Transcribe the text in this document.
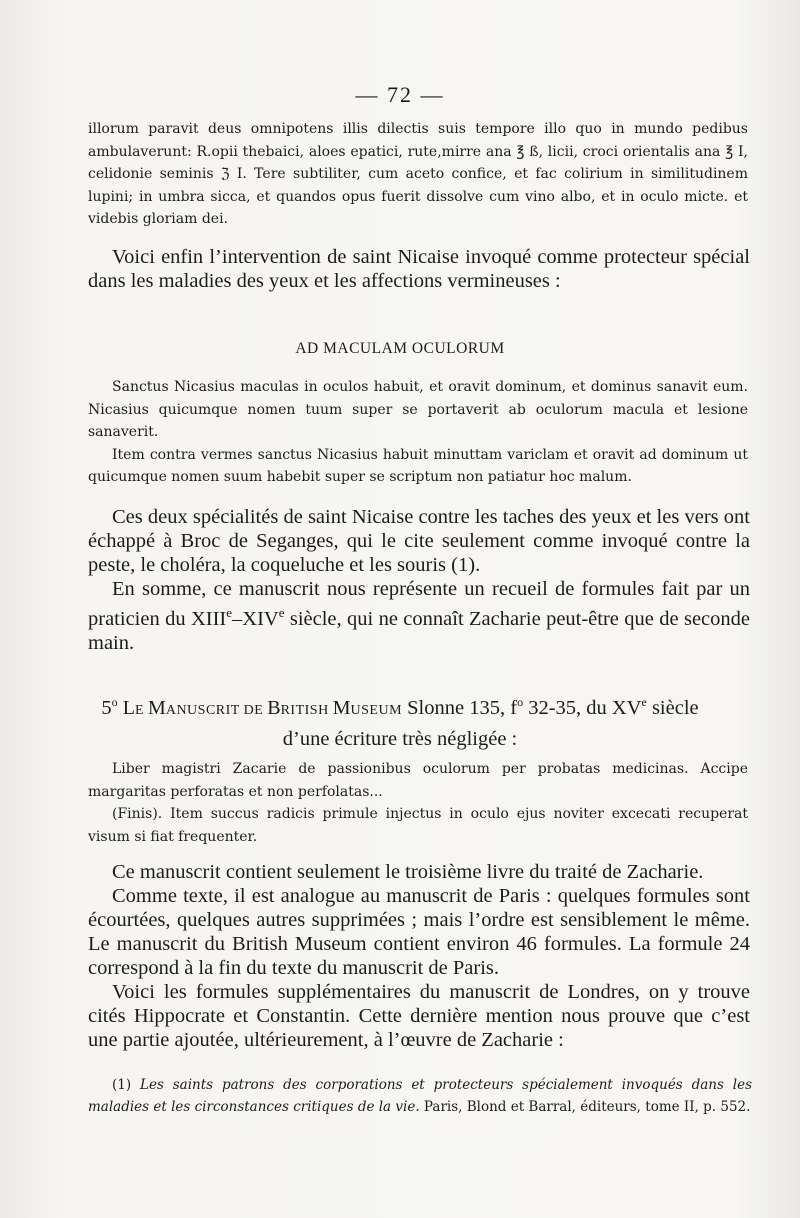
— 72 —

illorum paravit deus omnipotens illis dilectis suis tempore illo quo in mundo pedibus ambulaverunt: R.opii thebaici, aloes epatici, rute,mirre ana ℥ ß, licii, croci orientalis ana ℥ I, celidonie seminis ℨ I. Tere subtiliter, cum aceto confice, et fac colirium in similitudinem lupini; in umbra sicca, et quandos opus fuerit dissolve cum vino albo, et in oculo micte. et videbis gloriam dei.

Voici enfin l’intervention de saint Nicaise invoqué comme protecteur spécial dans les maladies des yeux et les affections vermineuses :

AD MACULAM OCULORUM

Sanctus Nicasius maculas in oculos habuit, et oravit dominum, et dominus sanavit eum. Nicasius quicumque nomen tuum super se portaverit ab oculorum macula et lesione sanaverit.

Item contra vermes sanctus Nicasius habuit minuttam variclam et oravit ad dominum ut quicumque nomen suum habebit super se scriptum non patiatur hoc malum.

Ces deux spécialités de saint Nicaise contre les taches des yeux et les vers ont échappé à Broc de Seganges, qui le cite seulement comme invoqué contre la peste, le choléra, la coqueluche et les souris (1).

En somme, ce manuscrit nous représente un recueil de formules fait par un praticien du XIIIe–XIVe siècle, qui ne connaît Zacharie peut-être que de seconde main.

5$^o$ LE MANUSCRIT DE BRITISH MUSEUM Slonne 135, $f^o$ 32-35, du XVe siècle
d’une écriture très négligée :

Liber magistri Zacarie de passionibus oculorum per probatas medicinas. Accipe margaritas perforatas et non perfolatas...

(Finis). Item succus radicis primule injectus in oculo ejus noviter excecati recuperat visum si fiat frequenter.

Ce manuscrit contient seulement le troisième livre du traité de Zacharie.

Comme texte, il est analogue au manuscrit de Paris : quelques formules sont écourtées, quelques autres supprimées ; mais l’ordre est sensiblement le même. Le manuscrit du British Museum contient environ 46 formules. La formule 24 correspond à la fin du texte du manuscrit de Paris.

Voici les formules supplémentaires du manuscrit de Londres, on y trouve cités Hippocrate et Constantin. Cette dernière mention nous prouve que c’est une partie ajoutée, ultérieurement, à l’œuvre de Zacharie :

(1) Les saints patrons des corporations et protecteurs spécialement invoqués dans les maladies et les circonstances critiques de la vie. Paris, Blond et Barral, éditeurs, tome II, p. 552.
